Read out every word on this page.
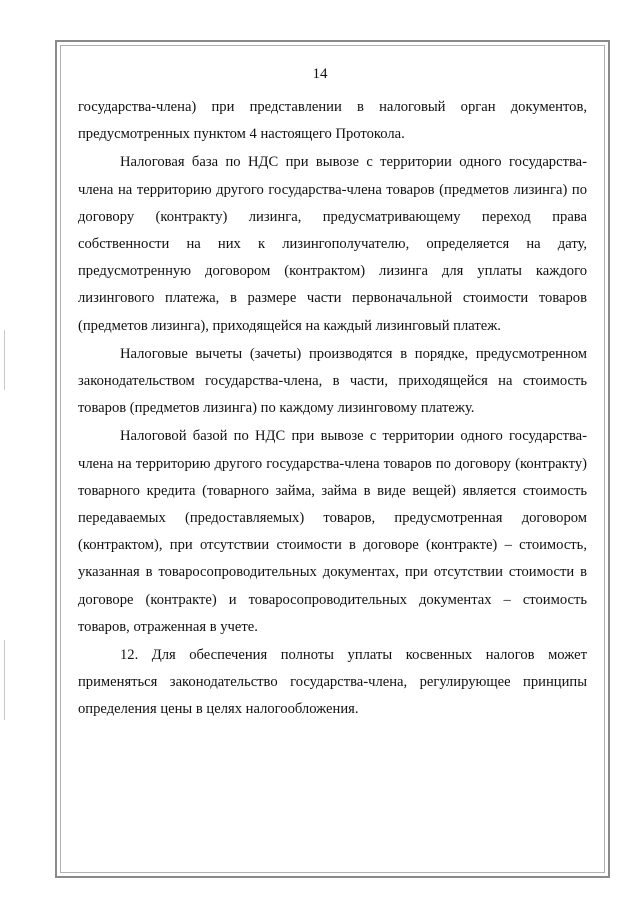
14

государства-члена) при представлении в налоговый орган документов, предусмотренных пунктом 4 настоящего Протокола.

Налоговая база по НДС при вывозе с территории одного государства-члена на территорию другого государства-члена товаров (предметов лизинга) по договору (контракту) лизинга, предусматривающему переход права собственности на них к лизингополучателю, определяется на дату, предусмотренную договором (контрактом) лизинга для уплаты каждого лизингового платежа, в размере части первоначальной стоимости товаров (предметов лизинга), приходящейся на каждый лизинговый платеж.

Налоговые вычеты (зачеты) производятся в порядке, предусмотренном законодательством государства-члена, в части, приходящейся на стоимость товаров (предметов лизинга) по каждому лизинговому платежу.

Налоговой базой по НДС при вывозе с территории одного государства-члена на территорию другого государства-члена товаров по договору (контракту) товарного кредита (товарного займа, займа в виде вещей) является стоимость передаваемых (предоставляемых) товаров, предусмотренная договором (контрактом), при отсутствии стоимости в договоре (контракте) – стоимость, указанная в товаросопроводительных документах, при отсутствии стоимости в договоре (контракте) и товаросопроводительных документах – стоимость товаров, отраженная в учете.

12. Для обеспечения полноты уплаты косвенных налогов может применяться законодательство государства-члена, регулирующее принципы определения цены в целях налогообложения.
